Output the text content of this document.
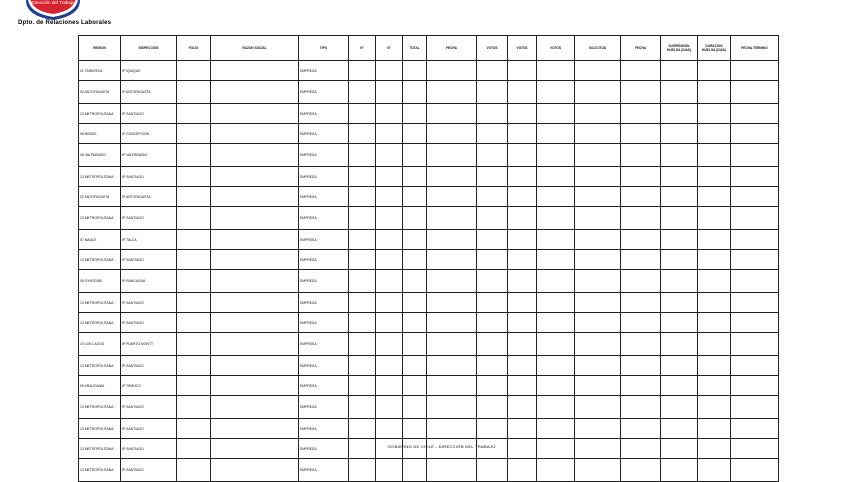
Dirección del Trabajo
Dpto. de Relaciones Laborales
REGION	INSPECCION	FOLIO	RAZON SOCIAL	TIPO	N°	N°	TOTAL	FECHA	VOTOS	VOTOS	VOTOS	SOLICITUD	FECHA	SUSPENSION HUELGA (DIAS)	DURACION HUELGA (DIAS)	FECHA TERMINO
01 TARAPACA	IP IQUIQUE			EMPRESA												
02 ANTOFAGASTA	IP ANTOFAGASTA			EMPRESA												
13 METROPOLITANA	IP SANTIAGO			EMPRESA												
08 BIOBIO	IP CONCEPCION			EMPRESA												
05 VALPARAISO	IP VALPARAISO			EMPRESA												
13 METROPOLITANA	IP SANTIAGO			EMPRESA												
02 ANTOFAGASTA	IP ANTOFAGASTA			EMPRESA												
13 METROPOLITANA	IP SANTIAGO			EMPRESA												
07 MAULE	IP TALCA			EMPRESA												
13 METROPOLITANA	IP SANTIAGO			EMPRESA												
06 O'HIGGINS	IP RANCAGUA			EMPRESA												
13 METROPOLITANA	IP SANTIAGO			EMPRESA												
13 METROPOLITANA	IP SANTIAGO			EMPRESA												
10 LOS LAGOS	IP PUERTO MONTT			EMPRESA												
13 METROPOLITANA	IP SANTIAGO			EMPRESA												
09 ARAUCANIA	IP TEMUCO			EMPRESA												
13 METROPOLITANA	IP SANTIAGO			EMPRESA												
13 METROPOLITANA	IP SANTIAGO			EMPRESA												
13 METROPOLITANA	IP SANTIAGO			EMPRESA												
13 METROPOLITANA	IP SANTIAGO			EMPRESA												
GOBIERNO DE CHILE - DIRECCION DEL TRABAJO
